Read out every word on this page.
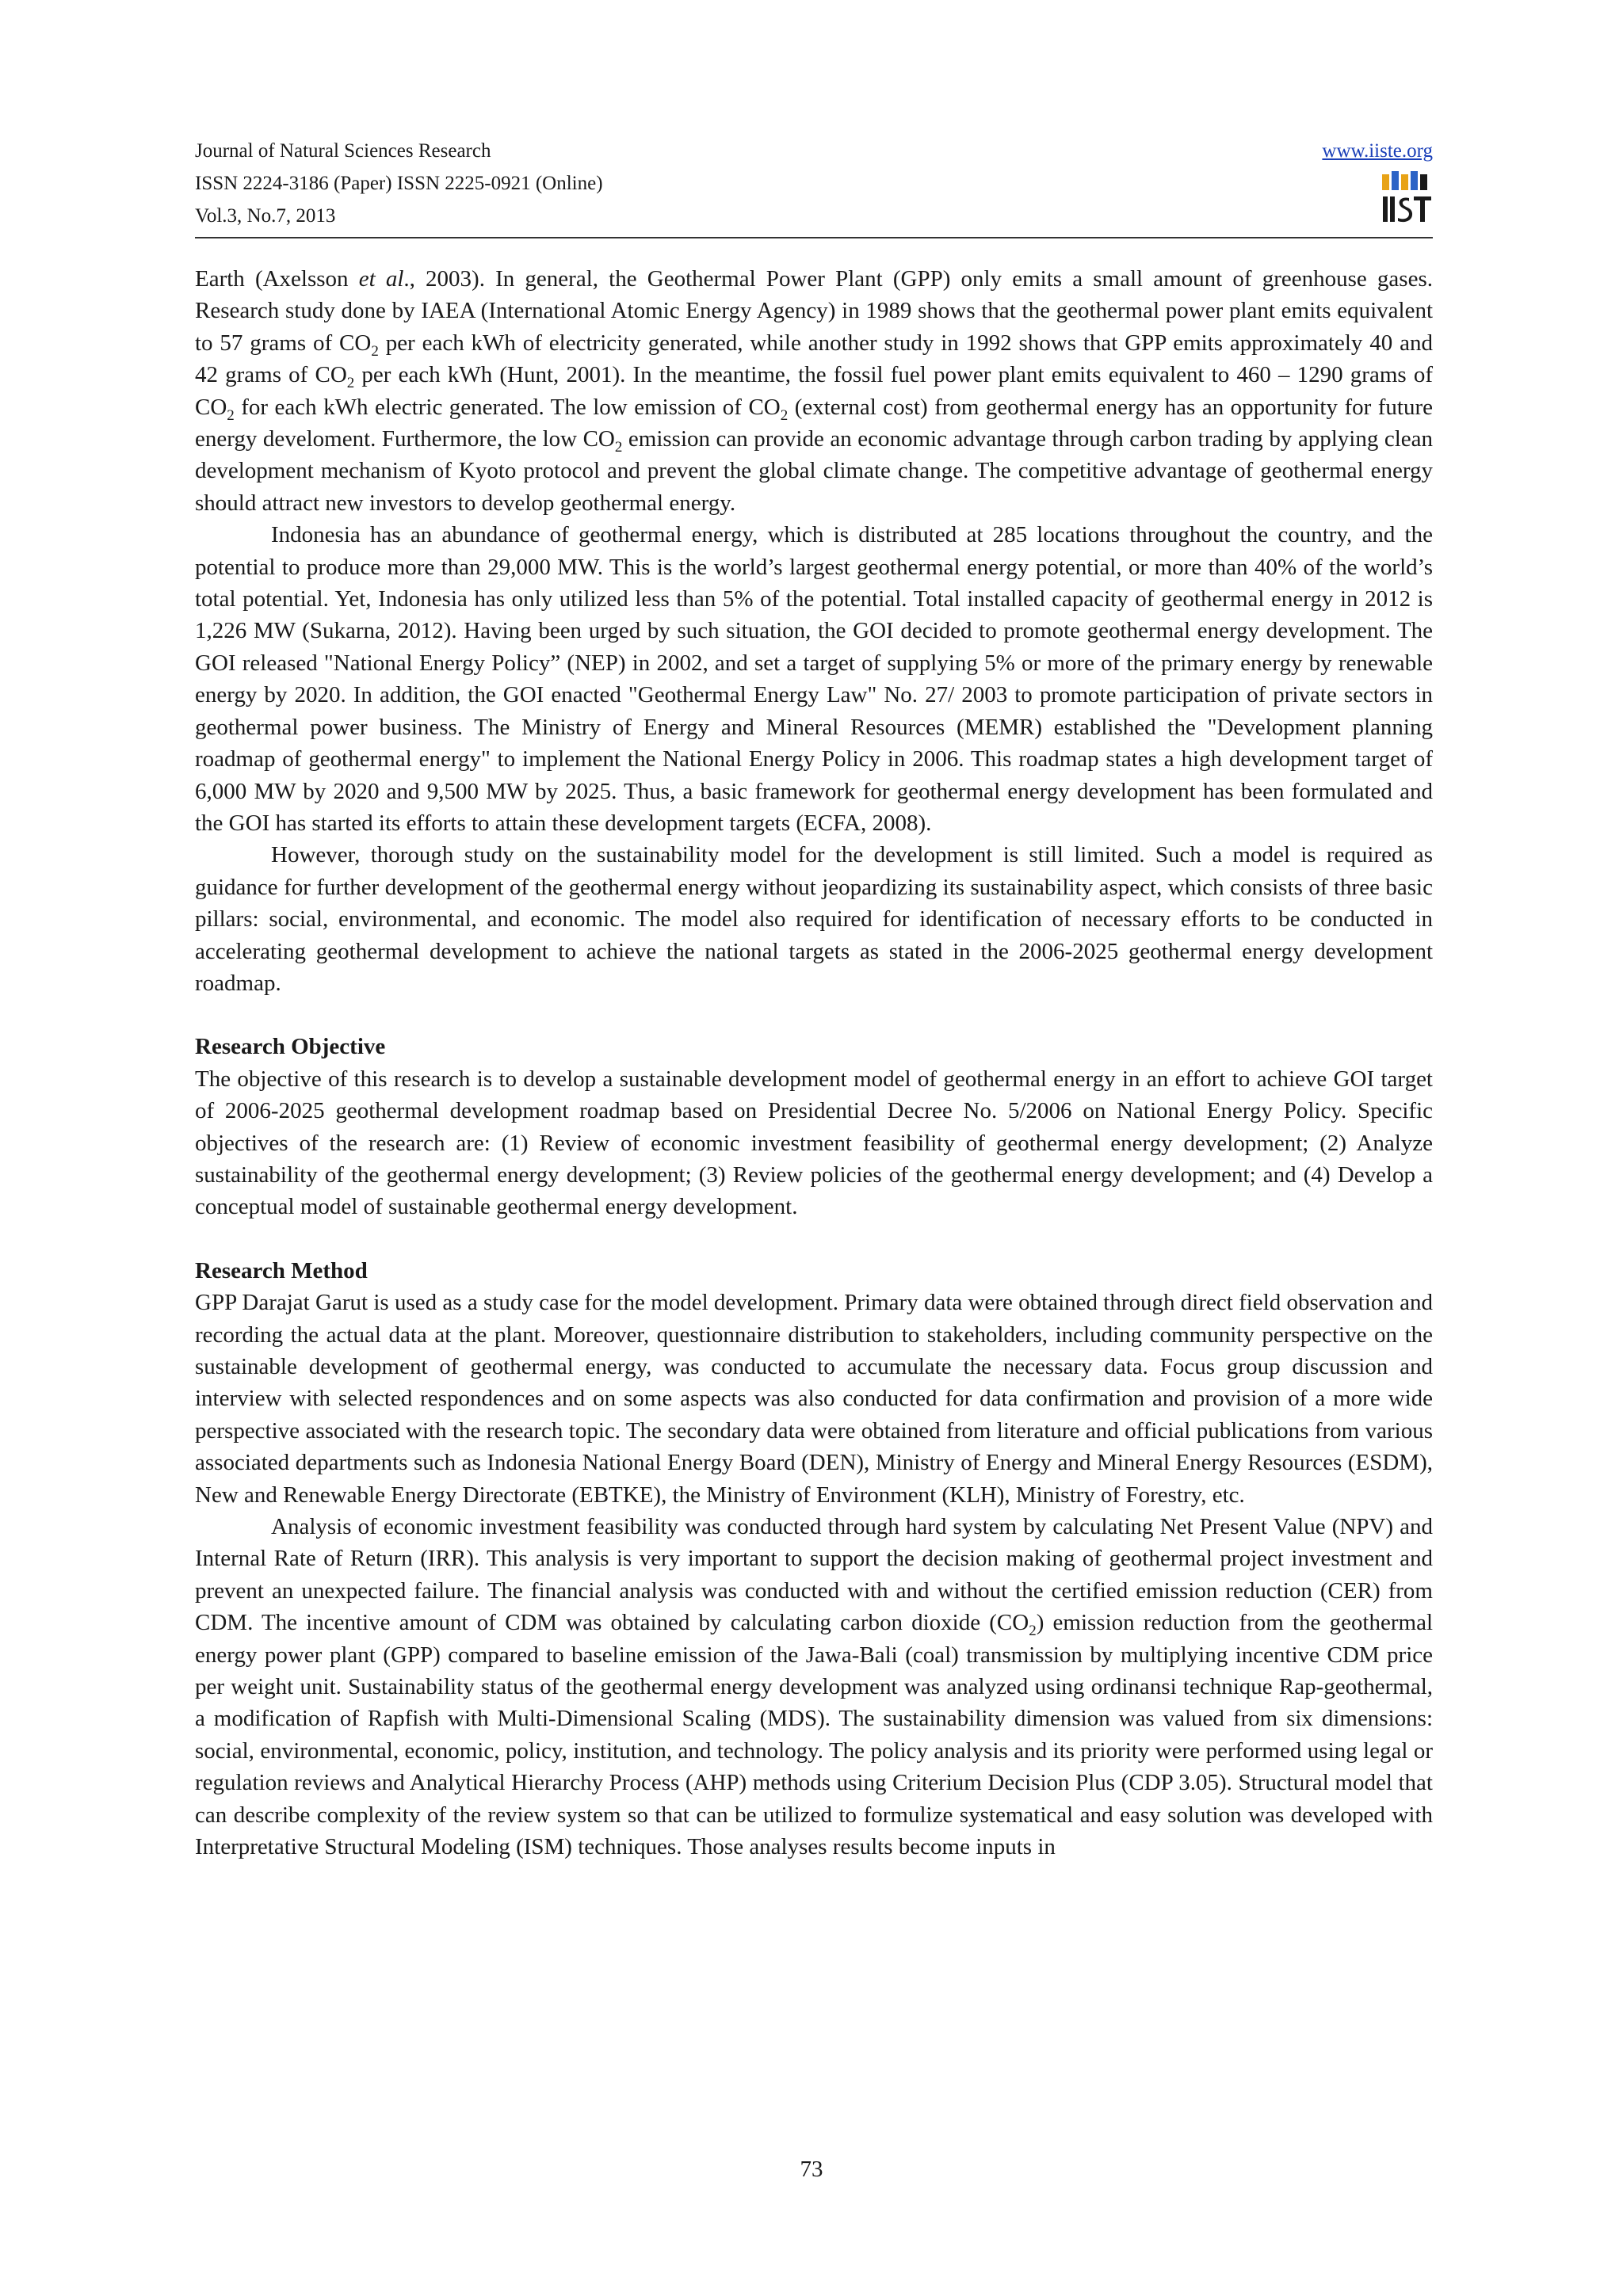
Journal of Natural Sciences Research
ISSN 2224-3186 (Paper) ISSN 2225-0921 (Online)
Vol.3, No.7, 2013
www.iiste.org

Earth (Axelsson et al., 2003). In general, the Geothermal Power Plant (GPP) only emits a small amount of greenhouse gases. Research study done by IAEA (International Atomic Energy Agency) in 1989 shows that the geothermal power plant emits equivalent to 57 grams of $CO_2$ per each kWh of electricity generated, while another study in 1992 shows that GPP emits approximately 40 and 42 grams of $CO_2$ per each kWh (Hunt, 2001). In the meantime, the fossil fuel power plant emits equivalent to 460 – 1290 grams of $CO_2$ for each kWh electric generated. The low emission of $CO_2$ (external cost) from geothermal energy has an opportunity for future energy develoment. Furthermore, the low $CO_2$ emission can provide an economic advantage through carbon trading by applying clean development mechanism of Kyoto protocol and prevent the global climate change. The competitive advantage of geothermal energy should attract new investors to develop geothermal energy.

Indonesia has an abundance of geothermal energy, which is distributed at 285 locations throughout the country, and the potential to produce more than 29,000 MW. This is the world’s largest geothermal energy potential, or more than 40% of the world’s total potential. Yet, Indonesia has only utilized less than 5% of the potential. Total installed capacity of geothermal energy in 2012 is 1,226 MW (Sukarna, 2012). Having been urged by such situation, the GOI decided to promote geothermal energy development. The GOI released "National Energy Policy” (NEP) in 2002, and set a target of supplying 5% or more of the primary energy by renewable energy by 2020. In addition, the GOI enacted "Geothermal Energy Law" No. 27/ 2003 to promote participation of private sectors in geothermal power business. The Ministry of Energy and Mineral Resources (MEMR) established the "Development planning roadmap of geothermal energy" to implement the National Energy Policy in 2006. This roadmap states a high development target of 6,000 MW by 2020 and 9,500 MW by 2025. Thus, a basic framework for geothermal energy development has been formulated and the GOI has started its efforts to attain these development targets (ECFA, 2008).

However, thorough study on the sustainability model for the development is still limited. Such a model is required as guidance for further development of the geothermal energy without jeopardizing its sustainability aspect, which consists of three basic pillars: social, environmental, and economic. The model also required for identification of necessary efforts to be conducted in accelerating geothermal development to achieve the national targets as stated in the 2006-2025 geothermal energy development roadmap.

Research Objective

The objective of this research is to develop a sustainable development model of geothermal energy in an effort to achieve GOI target of 2006-2025 geothermal development roadmap based on Presidential Decree No. 5/2006 on National Energy Policy. Specific objectives of the research are: (1) Review of economic investment feasibility of geothermal energy development; (2) Analyze sustainability of the geothermal energy development; (3) Review policies of the geothermal energy development; and (4) Develop a conceptual model of sustainable geothermal energy development.

Research Method

GPP Darajat Garut is used as a study case for the model development. Primary data were obtained through direct field observation and recording the actual data at the plant. Moreover, questionnaire distribution to stakeholders, including community perspective on the sustainable development of geothermal energy, was conducted to accumulate the necessary data. Focus group discussion and interview with selected respondences and on some aspects was also conducted for data confirmation and provision of a more wide perspective associated with the research topic. The secondary data were obtained from literature and official publications from various associated departments such as Indonesia National Energy Board (DEN), Ministry of Energy and Mineral Energy Resources (ESDM), New and Renewable Energy Directorate (EBTKE), the Ministry of Environment (KLH), Ministry of Forestry, etc.

Analysis of economic investment feasibility was conducted through hard system by calculating Net Present Value (NPV) and Internal Rate of Return (IRR). This analysis is very important to support the decision making of geothermal project investment and prevent an unexpected failure. The financial analysis was conducted with and without the certified emission reduction (CER) from CDM. The incentive amount of CDM was obtained by calculating carbon dioxide $(CO_2)$ emission reduction from the geothermal energy power plant (GPP) compared to baseline emission of the Jawa-Bali (coal) transmission by multiplying incentive CDM price per weight unit. Sustainability status of the geothermal energy development was analyzed using ordinansi technique Rap-geothermal, a modification of Rapfish with Multi-Dimensional Scaling (MDS). The sustainability dimension was valued from six dimensions: social, environmental, economic, policy, institution, and technology. The policy analysis and its priority were performed using legal or regulation reviews and Analytical Hierarchy Process (AHP) methods using Criterium Decision Plus (CDP 3.05). Structural model that can describe complexity of the review system so that can be utilized to formulize systematical and easy solution was developed with Interpretative Structural Modeling (ISM) techniques. Those analyses results become inputs in

73
